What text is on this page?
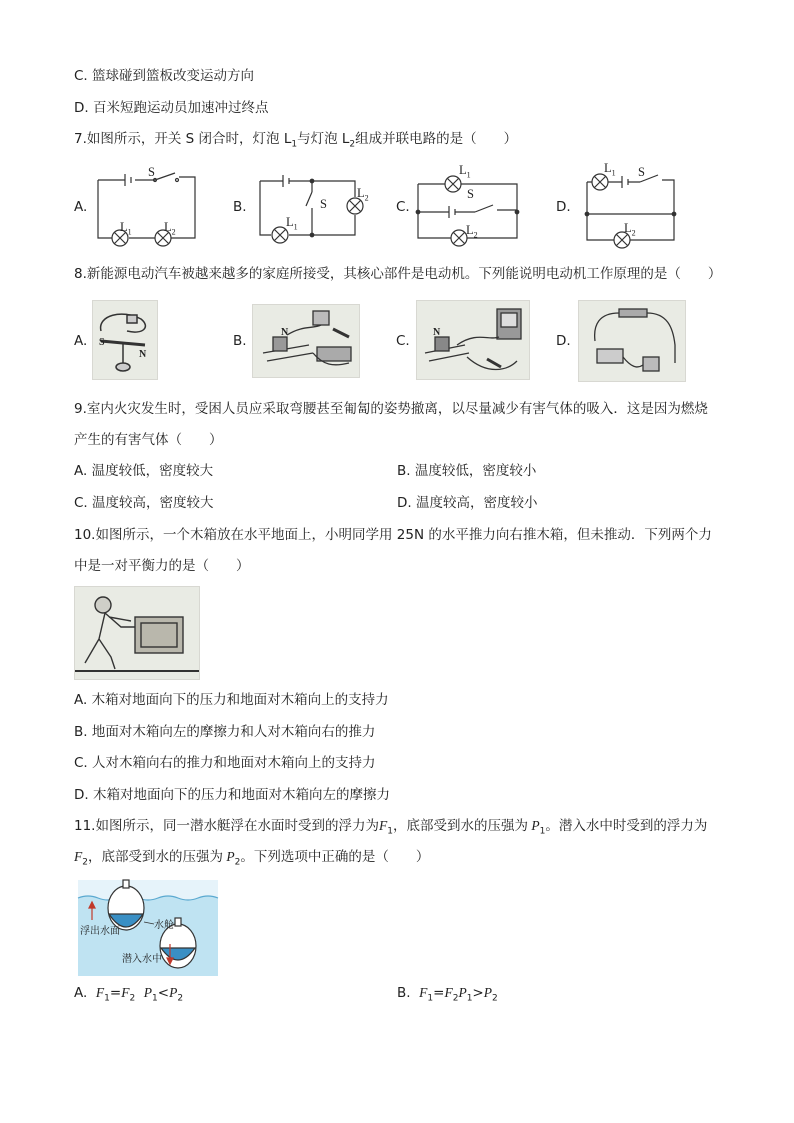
C. 篮球碰到篮板改变运动方向
D. 百米短跑运动员加速冲过终点
7.如图所示，开关 S 闭合时，灯泡 $L_1$与灯泡 $L_2$组成并联电路的是（　　）
A.	B.	C.	D.
S
$L_1$	$L_2$
S
$L_1$
$L_2$
$L_1$
S
$L_2$
$L_1$ S
$L_2$
8.新能源电动汽车被越来越多的家庭所接受，其核心部件是电动机。下列能说明电动机工作原理的是（　　）
A.	B.	C.	D.
S
N
N	N
9.室内火灾发生时，受困人员应采取弯腰甚至匍匐的姿势撤离，以尽量减少有害气体的吸入．这是因为燃烧
产生的有害气体（　　）
A. 温度较低，密度较大	B. 温度较低，密度较小
C. 温度较高，密度较大	D. 温度较高，密度较小
10.如图所示，一个木箱放在水平地面上，小明同学用 25N 的水平推力向右推木箱，但未推动．下列两个力
中是一对平衡力的是（　　）
A. 木箱对地面向下的压力和地面对木箱向上的支持力
B. 地面对木箱向左的摩擦力和人对木箱向右的推力
C. 人对木箱向右的推力和地面对木箱向上的支持力
D. 木箱对地面向下的压力和地面对木箱向左的摩擦力
11.如图所示，同一潜水艇浮在水面时受到的浮力为$F_1$，底部受到水的压强为 $P_1$。潜入水中时受到的浮力为
$F_2$，底部受到水的压强为 $P_2$。下列选项中正确的是（　　）
浮出水面
水舱
潜入水中
A. $F_1=F_2$ $P_1<P_2$	B. $F_1=F_2P_1>P_2$
